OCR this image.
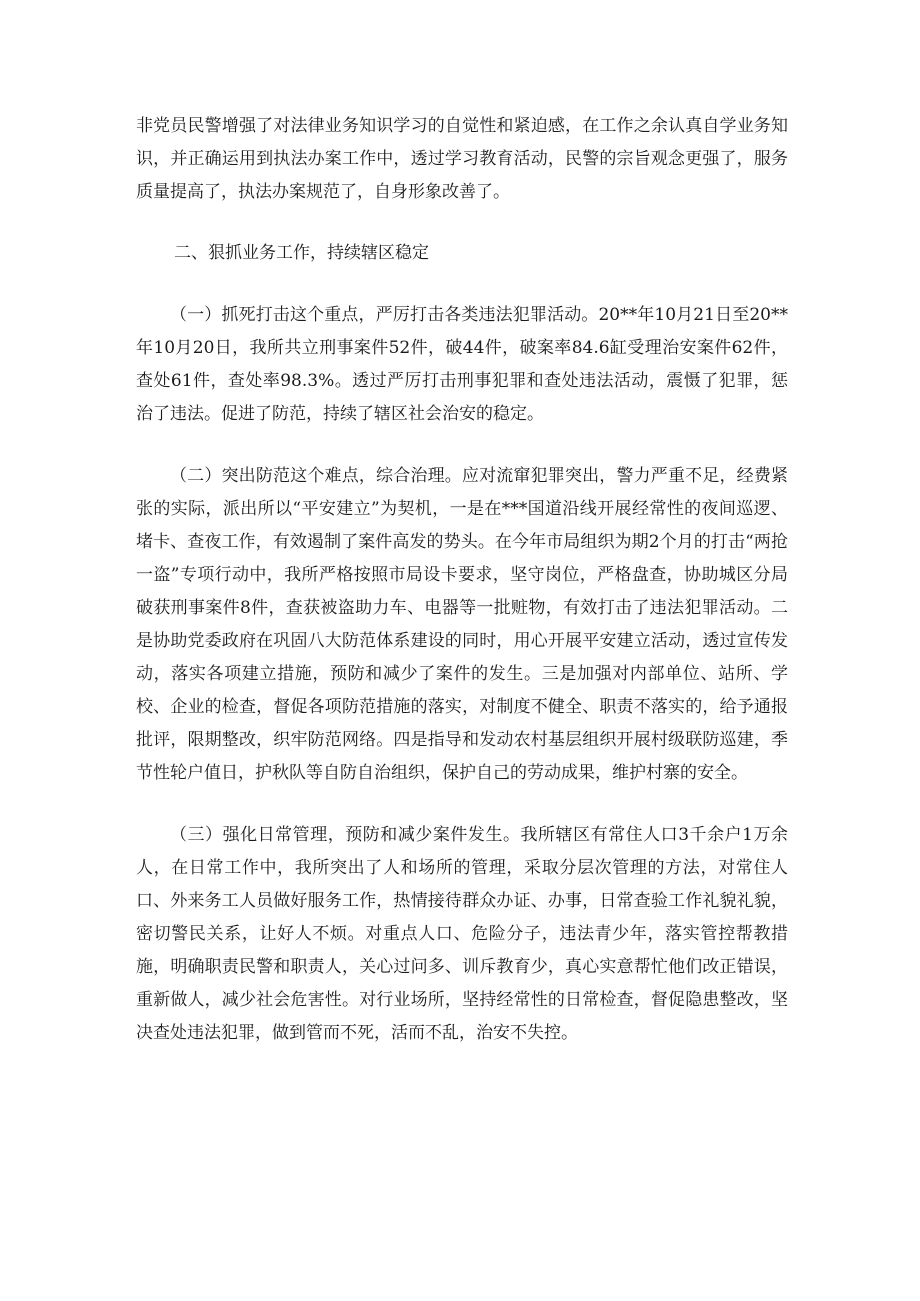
非党员民警增强了对法律业务知识学习的自觉性和紧迫感，在工作之余认真自学业务知识，并正确运用到执法办案工作中，透过学习教育活动，民警的宗旨观念更强了，服务质量提高了，执法办案规范了，自身形象改善了。

二、狠抓业务工作，持续辖区稳定

（一）抓死打击这个重点，严厉打击各类违法犯罪活动。20**年10月21日至20**年10月20日，我所共立刑事案件52件，破44件，破案率84.6缸受理治安案件62件，查处61件，查处率98.3%。透过严厉打击刑事犯罪和查处违法活动，震慑了犯罪，惩治了违法。促进了防范，持续了辖区社会治安的稳定。

（二）突出防范这个难点，综合治理。应对流窜犯罪突出，警力严重不足，经费紧张的实际，派出所以“平安建立”为契机，一是在***国道沿线开展经常性的夜间巡逻、堵卡、查夜工作，有效遏制了案件高发的势头。在今年市局组织为期2个月的打击“两抢一盗”专项行动中，我所严格按照市局设卡要求，坚守岗位，严格盘查，协助城区分局破获刑事案件8件，查获被盗助力车、电器等一批赃物，有效打击了违法犯罪活动。二是协助党委政府在巩固八大防范体系建设的同时，用心开展平安建立活动，透过宣传发动，落实各项建立措施，预防和减少了案件的发生。三是加强对内部单位、站所、学校、企业的检查，督促各项防范措施的落实，对制度不健全、职责不落实的，给予通报批评，限期整改，织牢防范网络。四是指导和发动农村基层组织开展村级联防巡建，季节性轮户值日，护秋队等自防自治组织，保护自己的劳动成果，维护村寨的安全。

（三）强化日常管理，预防和减少案件发生。我所辖区有常住人口3千余户1万余人，在日常工作中，我所突出了人和场所的管理，采取分层次管理的方法，对常住人口、外来务工人员做好服务工作，热情接待群众办证、办事，日常查验工作礼貌礼貌，密切警民关系，让好人不烦。对重点人口、危险分子，违法青少年，落实管控帮教措施，明确职责民警和职责人，关心过问多、训斥教育少，真心实意帮忙他们改正错误，重新做人，减少社会危害性。对行业场所，坚持经常性的日常检查，督促隐患整改，坚决查处违法犯罪，做到管而不死，活而不乱，治安不失控。
